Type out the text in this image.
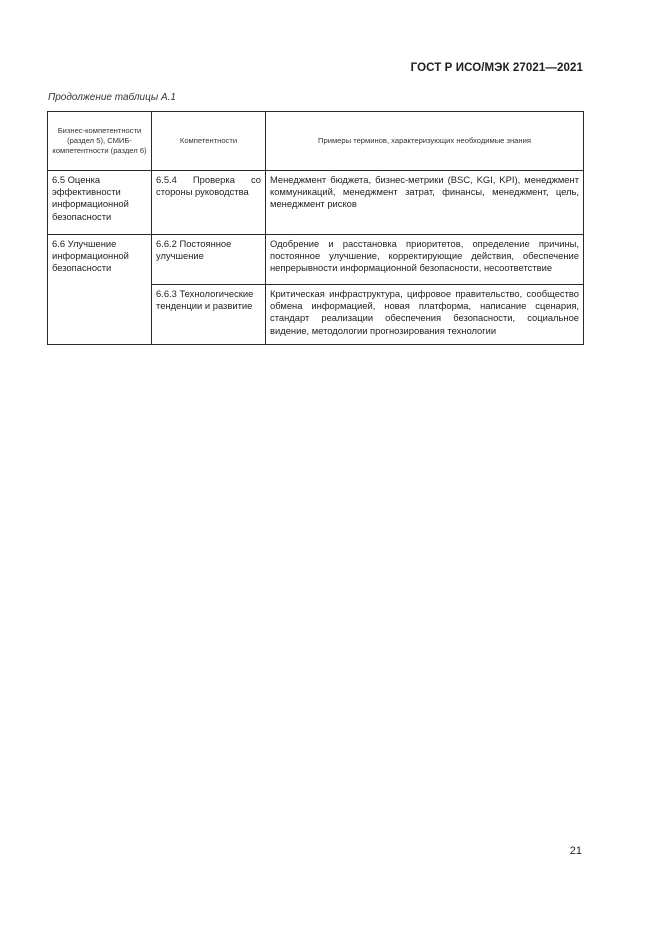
ГОСТ Р ИСО/МЭК 27021—2021
Продолжение таблицы А.1
Бизнес-компетентности (раздел 5), СМИБ-компетентности (раздел 6)	Компетентности	Примеры терминов, характеризующих необходимые знания
6.5 Оценка эффективности информационной безопасности	6.5.4 Проверка со стороны руководства	Менеджмент бюджета, бизнес-метрики (BSC, KGI, KPI), менеджмент коммуникаций, менеджмент затрат, финансы, менеджмент, цель, менеджмент рисков
6.6 Улучшение информационной безопасности	6.6.2 Постоянное улучшение	Одобрение и расстановка приоритетов, определение причины, постоянное улучшение, корректирующие действия, обеспечение непрерывности информационной безопасности, несоответствие
	6.6.3 Технологические тенденции и развитие	Критическая инфраструктура, цифровое правительство, сообщество обмена информацией, новая платформа, написание сценария, стандарт реализации обеспечения безопасности, социальное видение, методологии прогнозирования технологии
21
